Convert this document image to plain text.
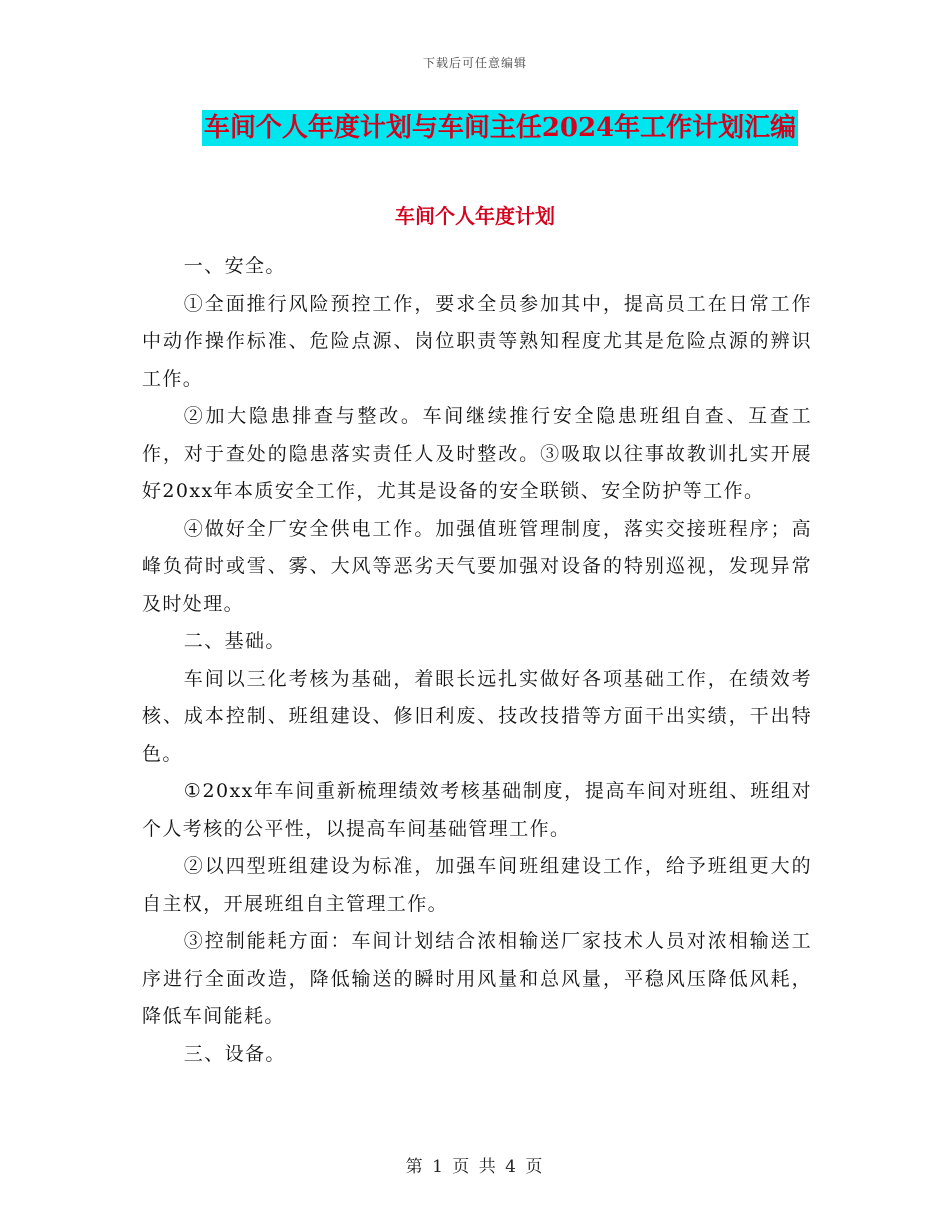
下载后可任意编辑
车间个人年度计划与车间主任2024年工作计划汇编
车间个人年度计划

一、安全。

①全面推行风险预控工作，要求全员参加其中，提高员工在日常工作中动作操作标准、危险点源、岗位职责等熟知程度尤其是危险点源的辨识工作。

②加大隐患排查与整改。车间继续推行安全隐患班组自查、互查工作，对于查处的隐患落实责任人及时整改。③吸取以往事故教训扎实开展好20xx年本质安全工作，尤其是设备的安全联锁、安全防护等工作。

④做好全厂安全供电工作。加强值班管理制度，落实交接班程序；高峰负荷时或雪、雾、大风等恶劣天气要加强对设备的特别巡视，发现异常及时处理。

二、基础。

车间以三化考核为基础，着眼长远扎实做好各项基础工作，在绩效考核、成本控制、班组建设、修旧利废、技改技措等方面干出实绩，干出特色。

①20xx年车间重新梳理绩效考核基础制度，提高车间对班组、班组对个人考核的公平性，以提高车间基础管理工作。

②以四型班组建设为标准，加强车间班组建设工作，给予班组更大的自主权，开展班组自主管理工作。

③控制能耗方面：车间计划结合浓相输送厂家技术人员对浓相输送工序进行全面改造，降低输送的瞬时用风量和总风量，平稳风压降低风耗，降低车间能耗。

三、设备。

第 1 页 共 4 页
